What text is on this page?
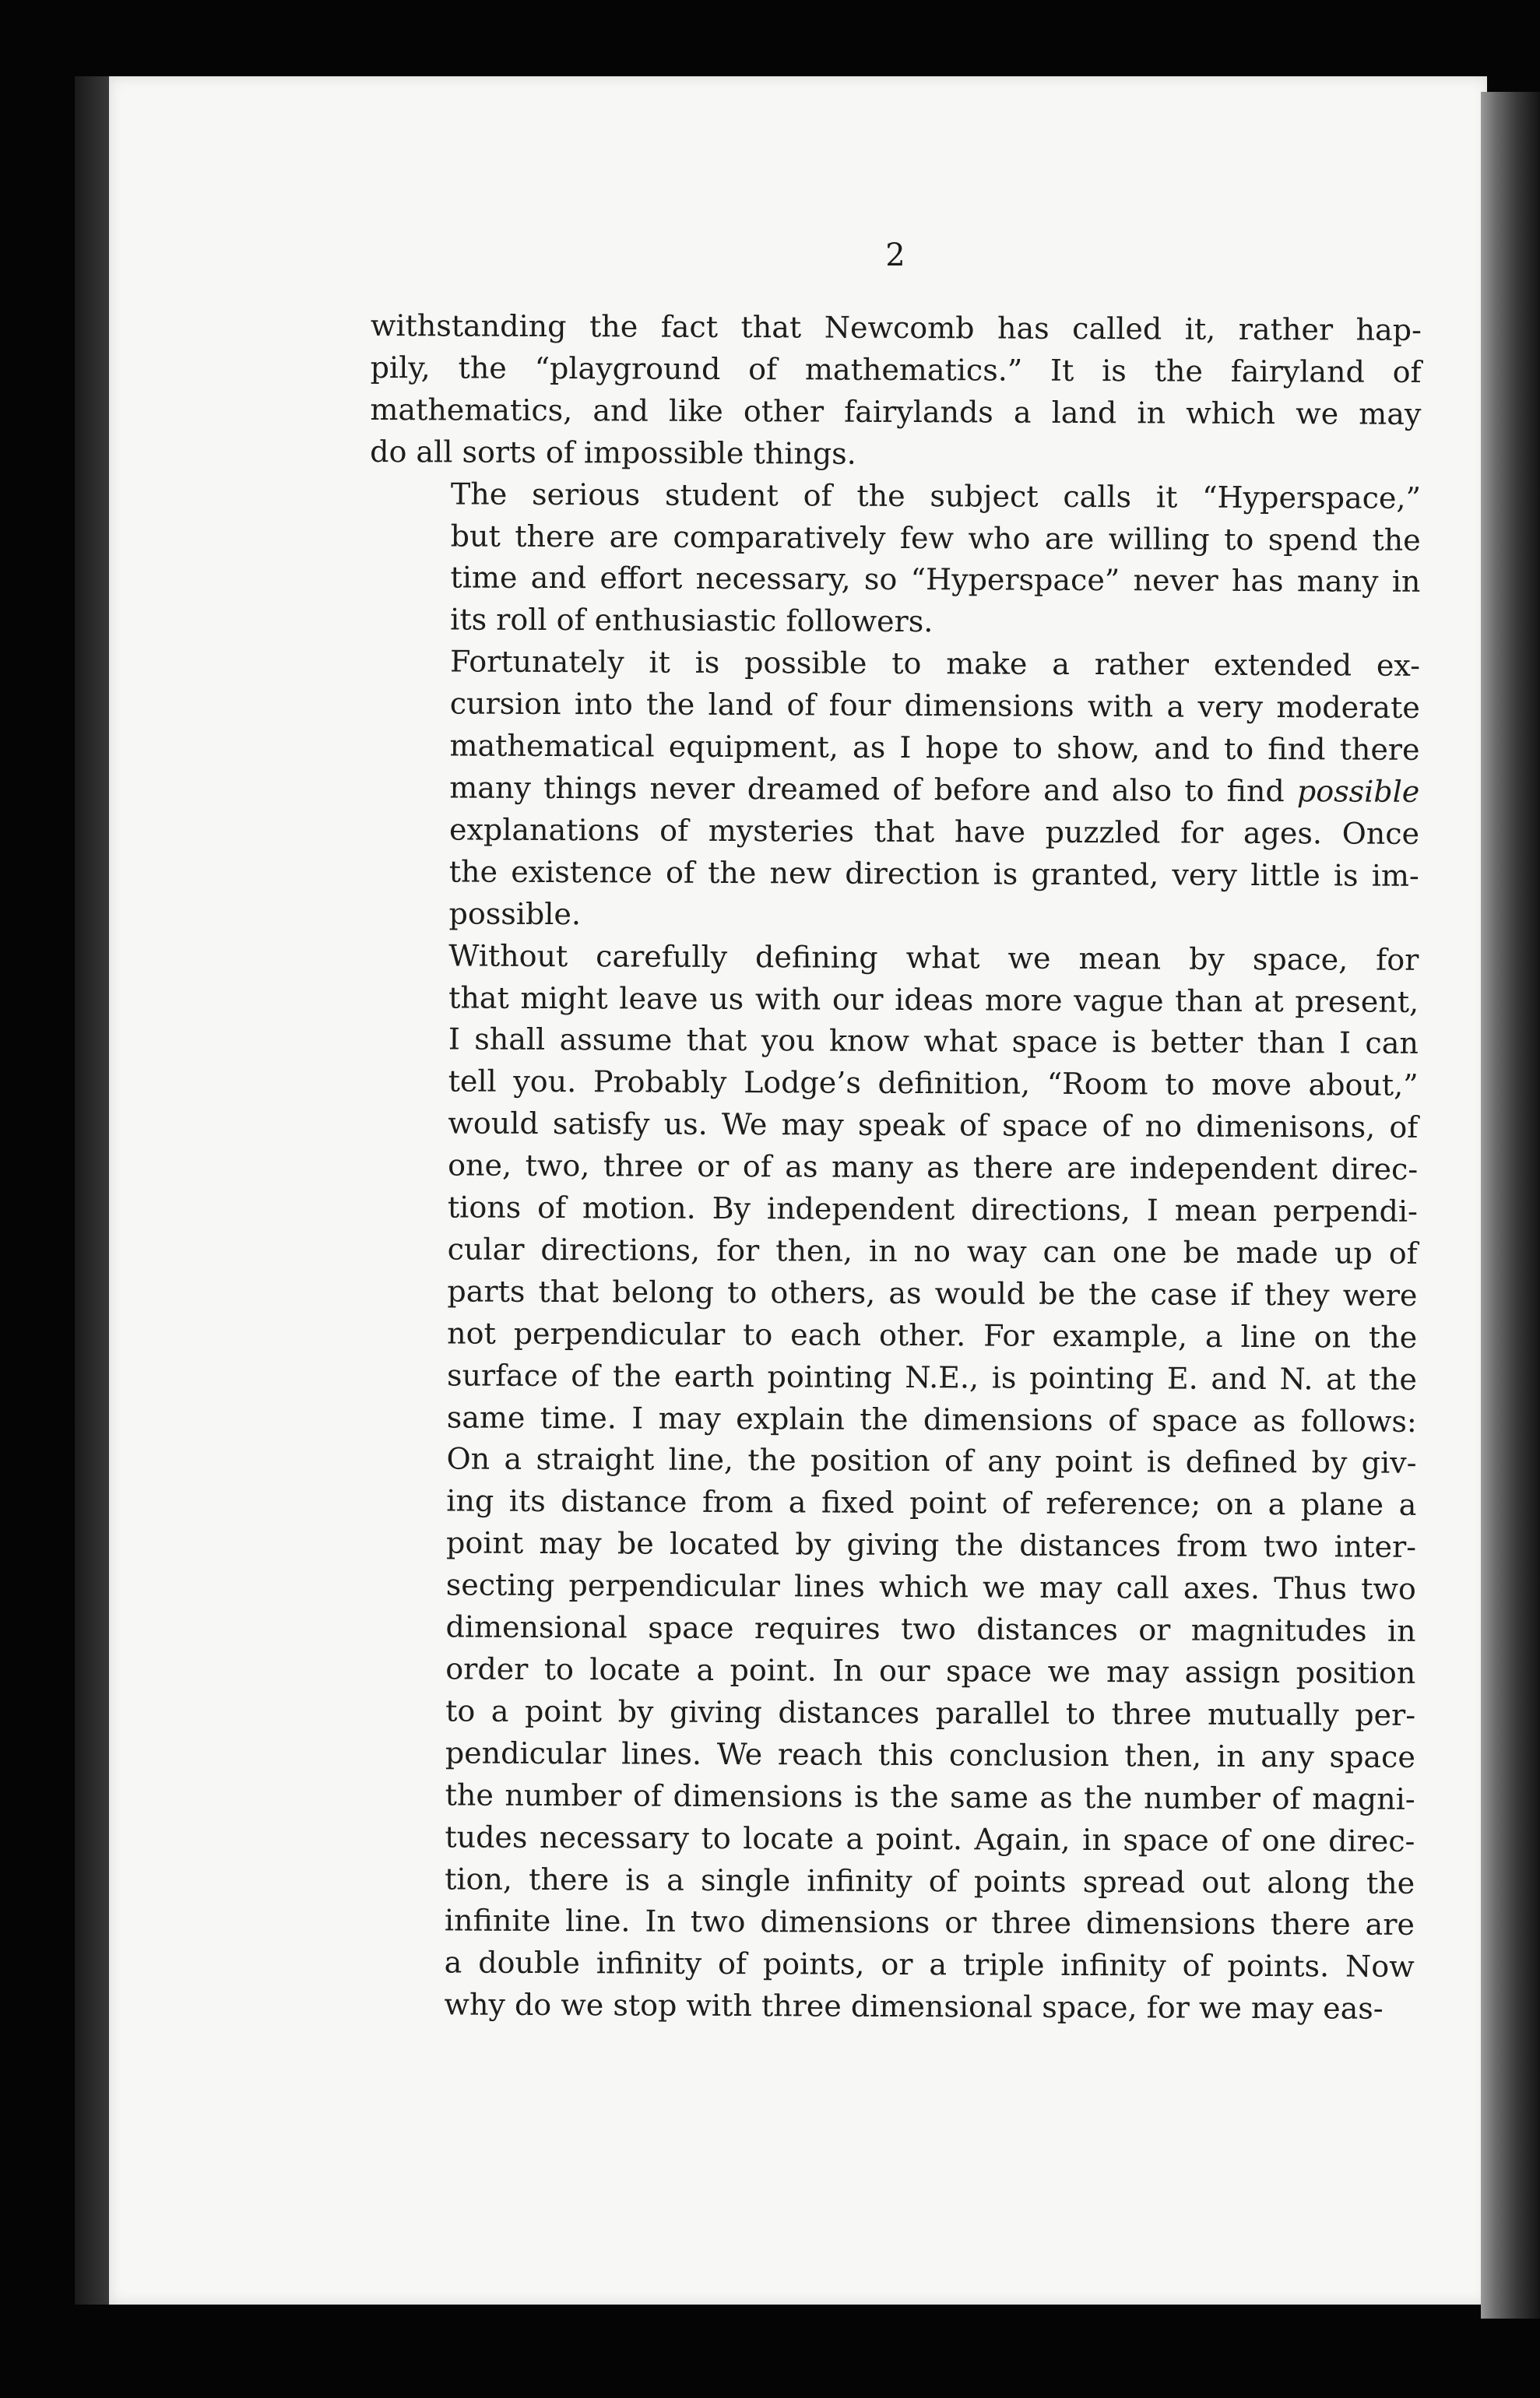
2

withstanding the fact that Newcomb has called it, rather hap-
pily, the “playground of mathematics.” It is the fairyland of
mathematics, and like other fairylands a land in which we may
do all sorts of impossible things.

The serious student of the subject calls it “Hyperspace,”
but there are comparatively few who are willing to spend the
time and effort necessary, so “Hyperspace” never has many in
its roll of enthusiastic followers.

Fortunately it is possible to make a rather extended ex-
cursion into the land of four dimensions with a very moderate
mathematical equipment, as I hope to show, and to find there
many things never dreamed of before and also to find possible
explanations of mysteries that have puzzled for ages. Once
the existence of the new direction is granted, very little is im-
possible.

Without carefully defining what we mean by space, for
that might leave us with our ideas more vague than at present,
I shall assume that you know what space is better than I can
tell you. Probably Lodge’s definition, “Room to move about,”
would satisfy us. We may speak of space of no dimenisons, of
one, two, three or of as many as there are independent direc-
tions of motion. By independent directions, I mean perpendi-
cular directions, for then, in no way can one be made up of
parts that belong to others, as would be the case if they were
not perpendicular to each other. For example, a line on the
surface of the earth pointing N.E., is pointing E. and N. at the
same time. I may explain the dimensions of space as follows:
On a straight line, the position of any point is defined by giv-
ing its distance from a fixed point of reference; on a plane a
point may be located by giving the distances from two inter-
secting perpendicular lines which we may call axes. Thus two
dimensional space requires two distances or magnitudes in
order to locate a point. In our space we may assign position
to a point by giving distances parallel to three mutually per-
pendicular lines. We reach this conclusion then, in any space
the number of dimensions is the same as the number of magni-
tudes necessary to locate a point. Again, in space of one direc-
tion, there is a single infinity of points spread out along the
infinite line. In two dimensions or three dimensions there are
a double infinity of points, or a triple infinity of points. Now
why do we stop with three dimensional space, for we may eas-
